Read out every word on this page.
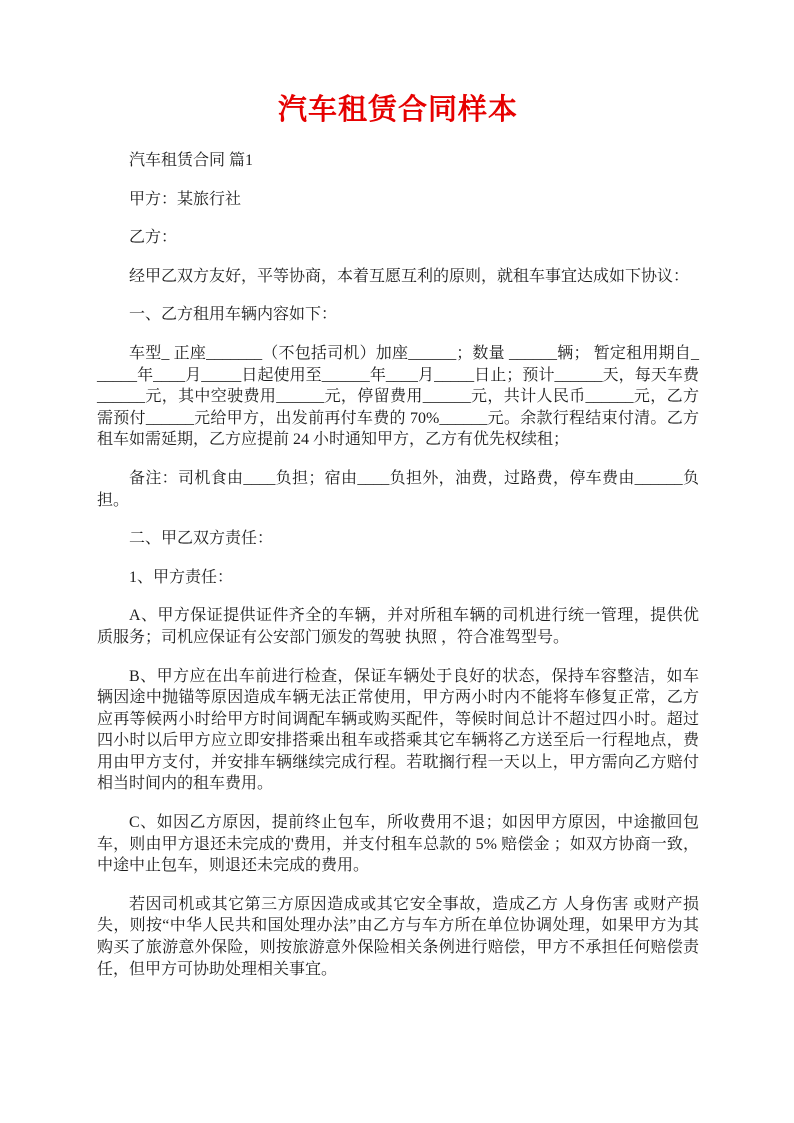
汽车租赁合同样本

汽车租赁合同 篇1

甲方：某旅行社

乙方：

经甲乙双方友好，平等协商，本着互愿互利的原则，就租车事宜达成如下协议：

一、乙方租用车辆内容如下：

车型_ 正座_______（不包括司机）加座______；数量 ______辆； 暂定租用期自______年____月_____日起使用至______年____月_____日止；预计______天，每天车费______元，其中空驶费用______元，停留费用______元，共计人民币______元，乙方需预付______元给甲方，出发前再付车费的 70%______元。余款行程结束付清。乙方租车如需延期，乙方应提前 24 小时通知甲方，乙方有优先权续租；

备注：司机食由____负担；宿由____负担外，油费，过路费，停车费由______负担。

二、甲乙双方责任：

1、甲方责任：

A、甲方保证提供证件齐全的车辆，并对所租车辆的司机进行统一管理，提供优质服务；司机应保证有公安部门颁发的驾驶 执照 ，符合准驾型号。

B、甲方应在出车前进行检查，保证车辆处于良好的状态，保持车容整洁，如车辆因途中抛锚等原因造成车辆无法正常使用，甲方两小时内不能将车修复正常，乙方应再等候两小时给甲方时间调配车辆或购买配件，等候时间总计不超过四小时。超过四小时以后甲方应立即安排搭乘出租车或搭乘其它车辆将乙方送至后一行程地点，费用由甲方支付，并安排车辆继续完成行程。若耽搁行程一天以上，甲方需向乙方赔付相当时间内的租车费用。

C、如因乙方原因，提前终止包车，所收费用不退；如因甲方原因，中途撤回包车，则由甲方退还未完成的'费用，并支付租车总款的 5% 赔偿金 ；如双方协商一致，中途中止包车，则退还未完成的费用。

若因司机或其它第三方原因造成或其它安全事故，造成乙方 人身伤害 或财产损失，则按“中华人民共和国处理办法”由乙方与车方所在单位协调处理，如果甲方为其购买了旅游意外保险，则按旅游意外保险相关条例进行赔偿，甲方不承担任何赔偿责任，但甲方可协助处理相关事宜。
